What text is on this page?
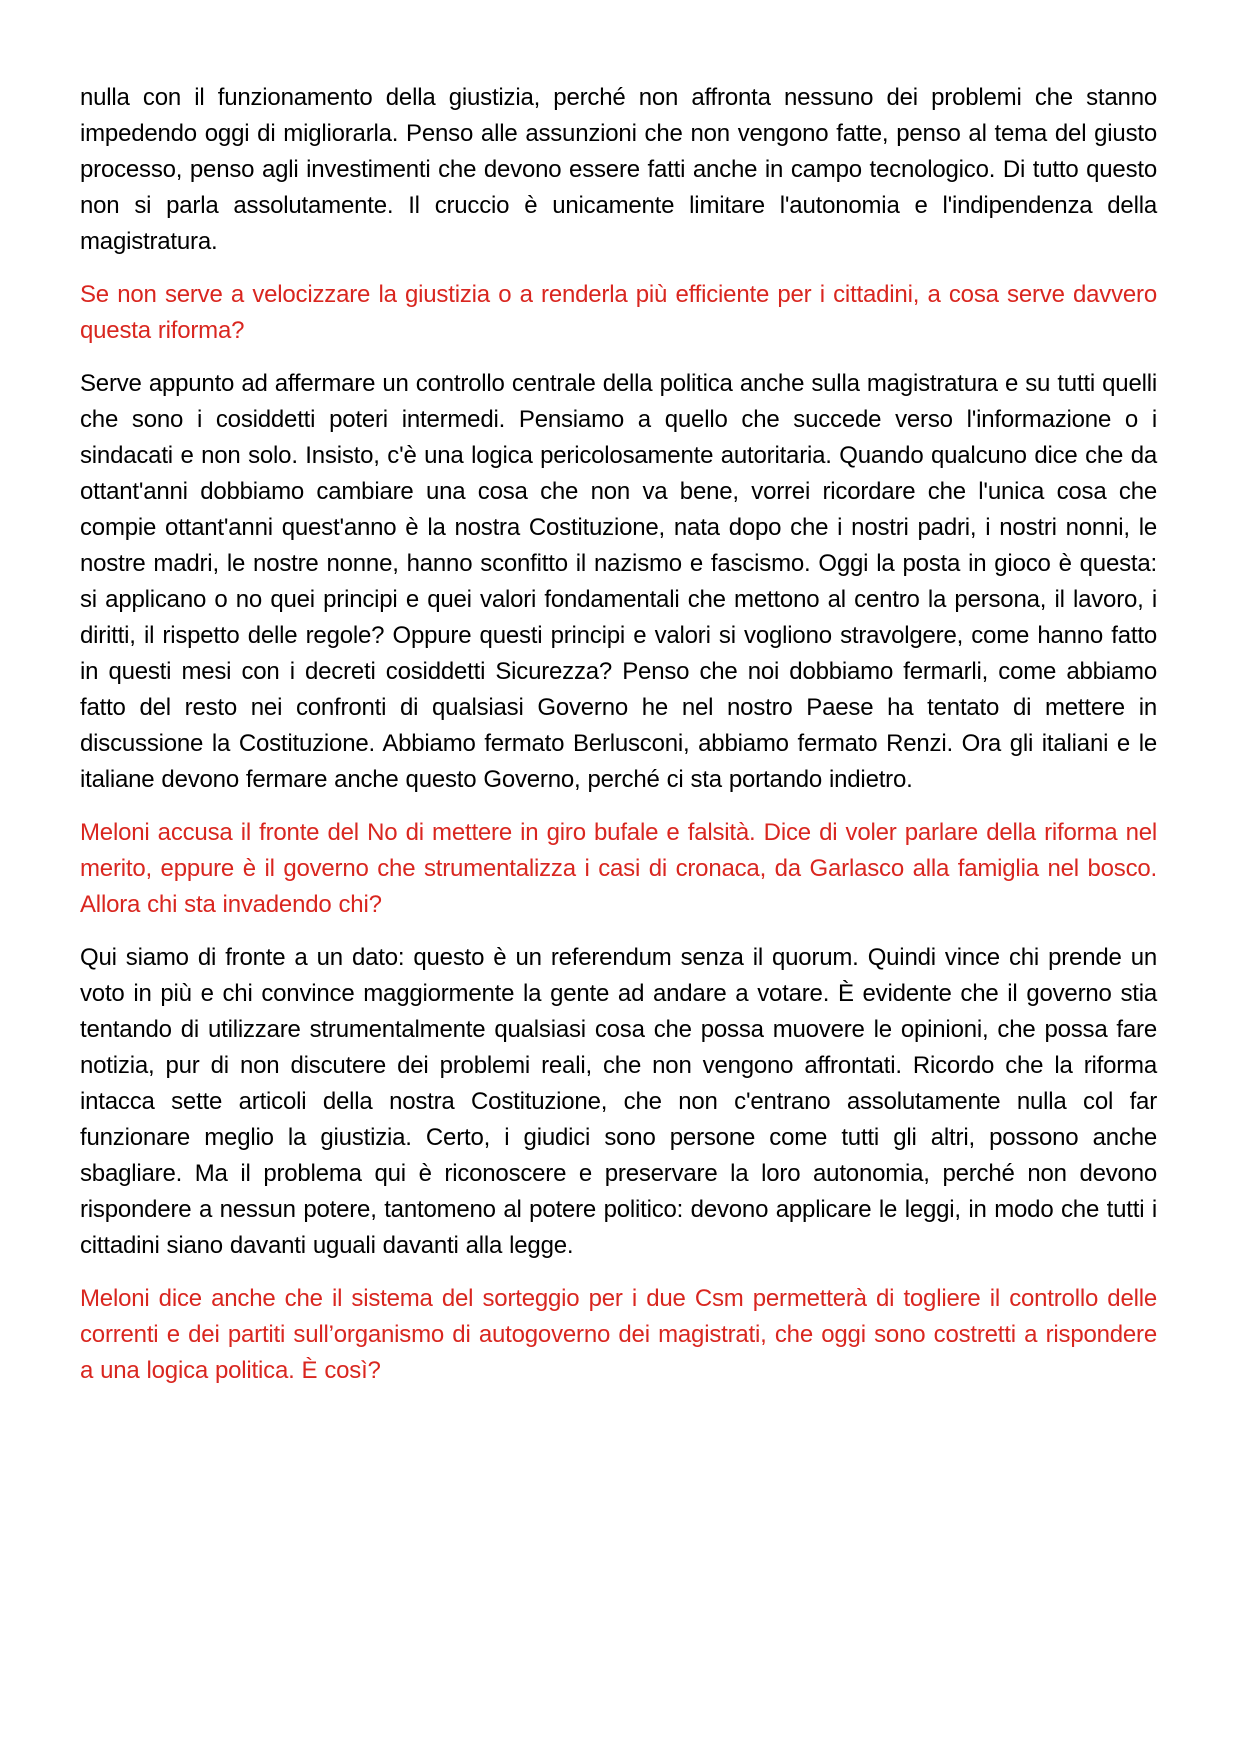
nulla con il funzionamento della giustizia, perché non affronta nessuno dei problemi che stanno impedendo oggi di migliorarla. Penso alle assunzioni che non vengono fatte, penso al tema del giusto processo, penso agli investimenti che devono essere fatti anche in campo tecnologico. Di tutto questo non si parla assolutamente. Il cruccio è unicamente limitare l'autonomia e l'indipendenza della magistratura.

Se non serve a velocizzare la giustizia o a renderla più efficiente per i cittadini, a cosa serve davvero questa riforma?

Serve appunto ad affermare un controllo centrale della politica anche sulla magistratura e su tutti quelli che sono i cosiddetti poteri intermedi. Pensiamo a quello che succede verso l'informazione o i sindacati e non solo. Insisto, c'è una logica pericolosamente autoritaria. Quando qualcuno dice che da ottant'anni dobbiamo cambiare una cosa che non va bene, vorrei ricordare che l'unica cosa che compie ottant'anni quest'anno è la nostra Costituzione, nata dopo che i nostri padri, i nostri nonni, le nostre madri, le nostre nonne, hanno sconfitto il nazismo e fascismo. Oggi la posta in gioco è questa: si applicano o no quei principi e quei valori fondamentali che mettono al centro la persona, il lavoro, i diritti, il rispetto delle regole? Oppure questi principi e valori si vogliono stravolgere, come hanno fatto in questi mesi con i decreti cosiddetti Sicurezza? Penso che noi dobbiamo fermarli, come abbiamo fatto del resto nei confronti di qualsiasi Governo he nel nostro Paese ha tentato di mettere in discussione la Costituzione. Abbiamo fermato Berlusconi, abbiamo fermato Renzi. Ora gli italiani e le italiane devono fermare anche questo Governo, perché ci sta portando indietro.

Meloni accusa il fronte del No di mettere in giro bufale e falsità. Dice di voler parlare della riforma nel merito, eppure è il governo che strumentalizza i casi di cronaca, da Garlasco alla famiglia nel bosco. Allora chi sta invadendo chi?

Qui siamo di fronte a un dato: questo è un referendum senza il quorum. Quindi vince chi prende un voto in più e chi convince maggiormente la gente ad andare a votare. È evidente che il governo stia tentando di utilizzare strumentalmente qualsiasi cosa che possa muovere le opinioni, che possa fare notizia, pur di non discutere dei problemi reali, che non vengono affrontati. Ricordo che la riforma intacca sette articoli della nostra Costituzione, che non c'entrano assolutamente nulla col far funzionare meglio la giustizia. Certo, i giudici sono persone come tutti gli altri, possono anche sbagliare. Ma il problema qui è riconoscere e preservare la loro autonomia, perché non devono rispondere a nessun potere, tantomeno al potere politico: devono applicare le leggi, in modo che tutti i cittadini siano davanti uguali davanti alla legge.

Meloni dice anche che il sistema del sorteggio per i due Csm permetterà di togliere il controllo delle correnti e dei partiti sull’organismo di autogoverno dei magistrati, che oggi sono costretti a rispondere a una logica politica. È così?
